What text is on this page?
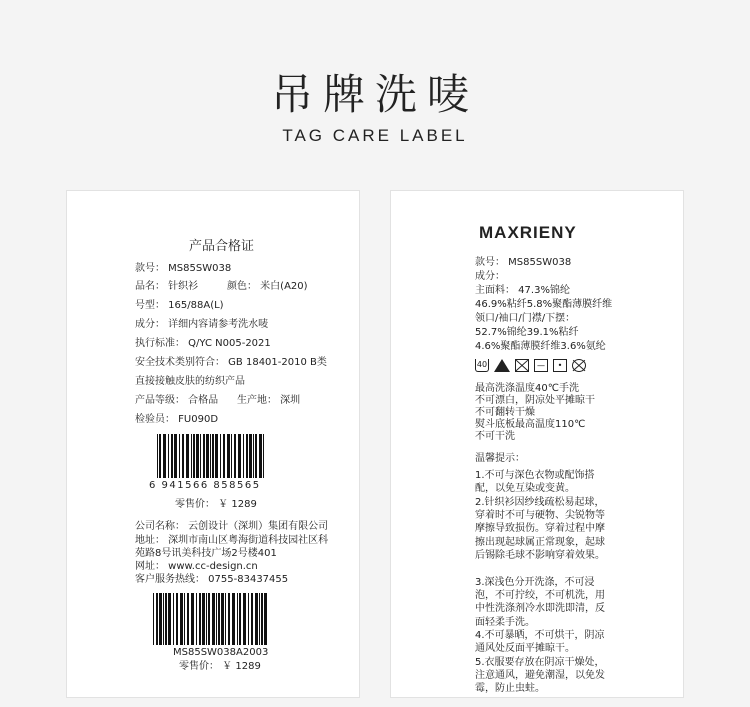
吊牌洗唛
TAG CARE LABEL
产品合格证
款号： MS85SW038
品名： 针织衫	颜色： 米白(A20)
号型： 165/88A(L)
成分： 详细内容请参考洗水唛
执行标准： Q/YC N005-2021
安全技术类别符合： GB 18401-2010 B类
直接接触皮肤的纺织产品
产品等级： 合格品 生产地： 深圳
检验员： FU090D
6 941566 858565
零售价： ￥ 1289
公司名称： 云创设计（深圳）集团有限公司
地址： 深圳市南山区粤海街道科技园社区科
苑路8号讯美科技广场2号楼401
网址： www.cc-design.cn
客户服务热线： 0755-83437455
MS85SW038A2003
零售价： ￥ 1289
MAXRIENY
款号： MS85SW038
成分：
主面料： 47.3%锦纶
46.9%粘纤5.8%聚酯薄膜纤维
领口/袖口/门襟/下摆：
52.7%锦纶39.1%粘纤
4.6%聚酯薄膜纤维3.6%氨纶
40	—	•
最高洗涤温度40℃手洗
不可漂白，阴凉处平摊晾干
不可翻转干燥
熨斗底板最高温度110℃
不可干洗
温馨提示：
1.不可与深色衣物或配饰搭配，以免互染或变黄。
2.针织衫因纱线疏松易起球，穿着时不可与硬物、尖锐物等摩擦导致损伤。穿着过程中摩擦出现起球属正常现象，起球后锡除毛球不影响穿着效果。
3.深浅色分开洗涤，不可浸泡，不可拧绞，不可机洗，用中性洗涤剂冷水即洗即清，反面轻柔手洗。
4.不可暴晒，不可烘干，阴凉通风处反面平摊晾干。
5.衣服要存放在阴凉干燥处，注意通风，避免潮湿，以免发霉，防止虫蛀。
